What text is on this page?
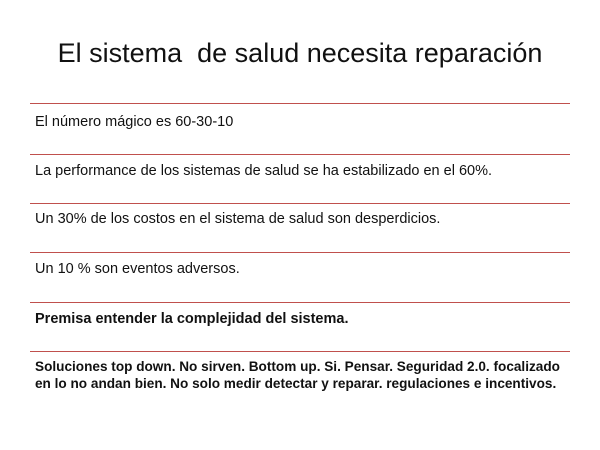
El sistema  de salud necesita reparación
El número mágico es 60-30-10
La performance de los sistemas de salud se ha estabilizado en el 60%.
Un 30% de los costos en el sistema de salud son desperdicios.
Un 10 % son eventos adversos.
Premisa entender la complejidad del sistema.
Soluciones top down. No sirven. Bottom up. Si. Pensar. Seguridad 2.0. focalizado en lo no andan bien. No solo medir detectar y reparar. regulaciones e incentivos.
